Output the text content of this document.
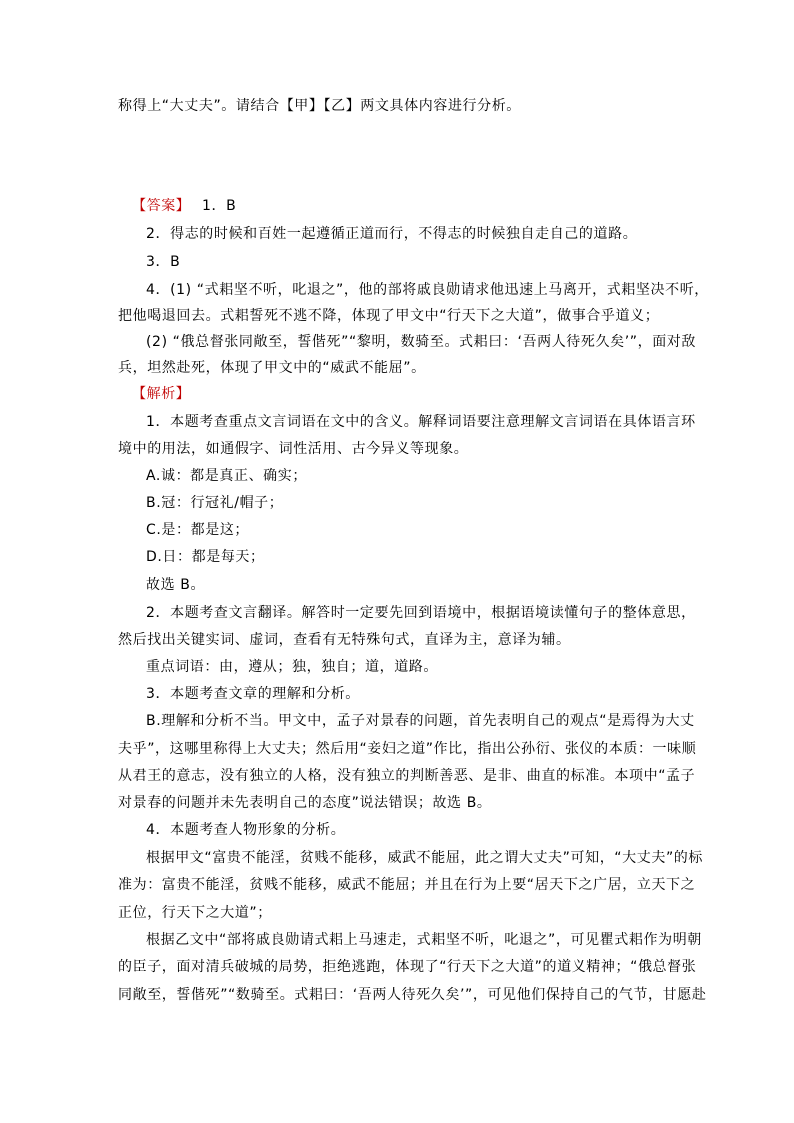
称得上“大丈夫”。请结合【甲】【乙】两文具体内容进行分析。
【答案】 1．B
2．得志的时候和百姓一起遵循正道而行，不得志的时候独自走自己的道路。
3．B
4．(1) “式耜坚不听，叱退之”，他的部将戚良勋请求他迅速上马离开，式耜坚决不听，
把他喝退回去。式耜誓死不逃不降，体现了甲文中“行天下之大道”，做事合乎道义；
(2) “俄总督张同敞至，誓偕死”“黎明，数骑至。式耜曰：‘吾两人待死久矣’”，面对敌
兵，坦然赴死，体现了甲文中的“威武不能屈”。
【解析】
1．本题考查重点文言词语在文中的含义。解释词语要注意理解文言词语在具体语言环
境中的用法，如通假字、词性活用、古今异义等现象。
A.诚：都是真正、确实；
B.冠：行冠礼/帽子；
C.是：都是这；
D.日：都是每天；
故选 B。
2．本题考查文言翻译。解答时一定要先回到语境中，根据语境读懂句子的整体意思，
然后找出关键实词、虚词，查看有无特殊句式，直译为主，意译为辅。
重点词语：由，遵从；独，独自；道，道路。
3．本题考查文章的理解和分析。
B.理解和分析不当。甲文中，孟子对景春的问题，首先表明自己的观点“是焉得为大丈
夫乎”，这哪里称得上大丈夫；然后用“妾妇之道”作比，指出公孙衍、张仪的本质：一味顺
从君王的意志，没有独立的人格，没有独立的判断善恶、是非、曲直的标准。本项中“孟子
对景春的问题并未先表明自己的态度”说法错误；故选 B。
4．本题考查人物形象的分析。
根据甲文“富贵不能淫，贫贱不能移，威武不能屈，此之谓大丈夫”可知，“大丈夫”的标
准为：富贵不能淫，贫贱不能移，威武不能屈；并且在行为上要“居天下之广居，立天下之
正位，行天下之大道”；
根据乙文中“部将戚良勋请式耜上马速走，式耜坚不听，叱退之”，可见瞿式耜作为明朝
的臣子，面对清兵破城的局势，拒绝逃跑，体现了“行天下之大道”的道义精神；“俄总督张
同敞至，誓偕死”“数骑至。式耜曰：‘吾两人待死久矣’”，可见他们保持自己的气节，甘愿赴
